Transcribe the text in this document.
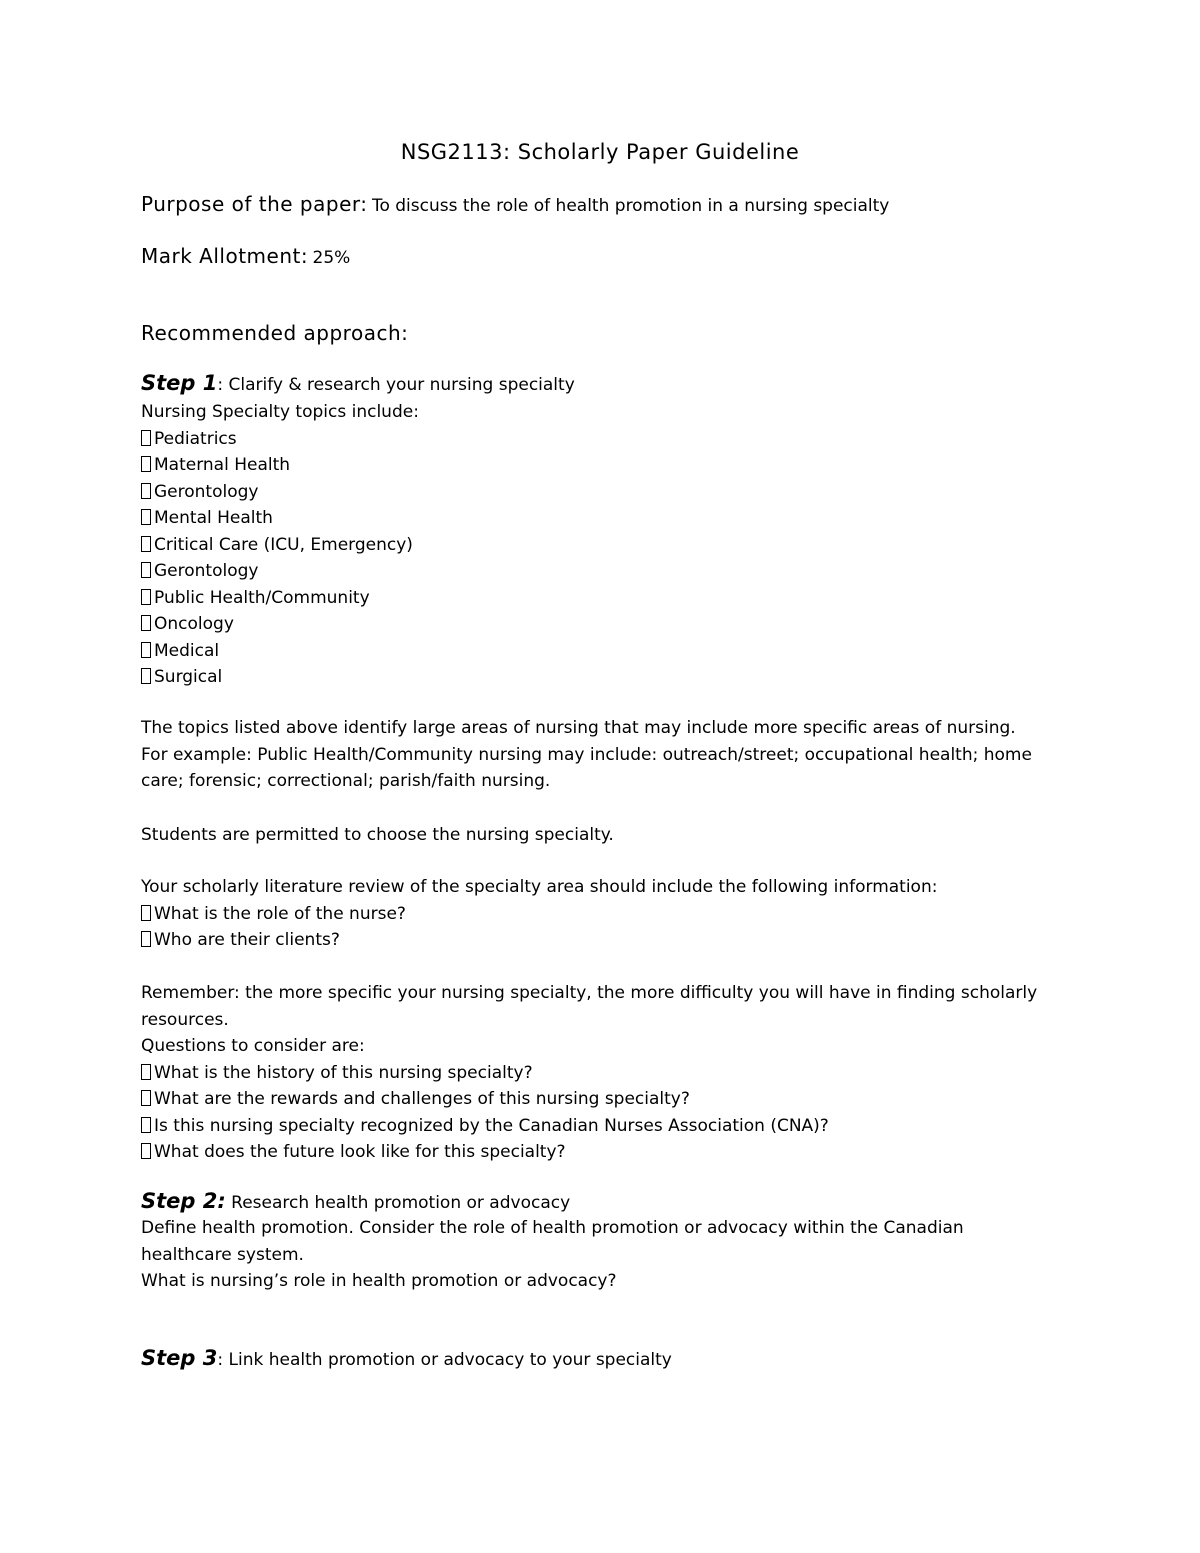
NSG2113: Scholarly Paper Guideline
Purpose of the paper: To discuss the role of health promotion in a nursing specialty
Mark Allotment: 25%
Recommended approach:
Step 1: Clarify & research your nursing specialty
Nursing Specialty topics include:
Pediatrics
Maternal Health
Gerontology
Mental Health
Critical Care (ICU, Emergency)
Gerontology
Public Health/Community
Oncology
Medical
Surgical
The topics listed above identify large areas of nursing that may include more specific areas of nursing.
For example: Public Health/Community nursing may include: outreach/street; occupational health; home
care; forensic; correctional; parish/faith nursing.
Students are permitted to choose the nursing specialty.
Your scholarly literature review of the specialty area should include the following information:
What is the role of the nurse?
Who are their clients?
Remember: the more specific your nursing specialty, the more difficulty you will have in finding scholarly
resources.
Questions to consider are:
What is the history of this nursing specialty?
What are the rewards and challenges of this nursing specialty?
Is this nursing specialty recognized by the Canadian Nurses Association (CNA)?
What does the future look like for this specialty?
Step 2: Research health promotion or advocacy
Define health promotion. Consider the role of health promotion or advocacy within the Canadian
healthcare system.
What is nursing’s role in health promotion or advocacy?
Step 3: Link health promotion or advocacy to your specialty
